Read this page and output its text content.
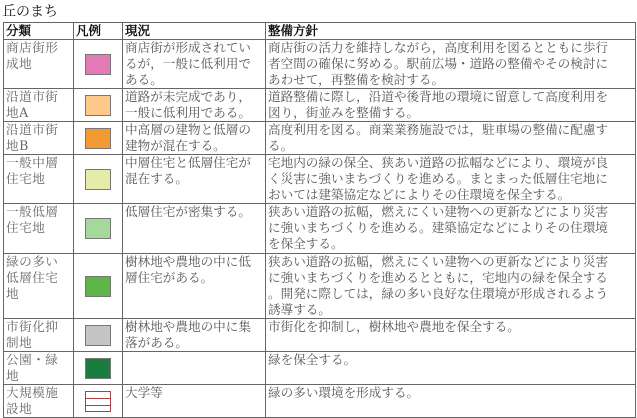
丘のまち
分類	凡例	現況	整備方針
商店街形
成地		商店街が形成されてい
るが，一般に低利用で
ある。	商店街の活力を維持しながら，高度利用を図るとともに歩行
者空間の確保に努める。駅前広場・道路の整備やその検討に
あわせて，再整備を検討する。
沿道市街
地A		道路が未完成であり，
一般に低利用である。	道路整備に際し，沿道や後背地の環境に留意して高度利用を
図り，街並みを整備する。
沿道市街
地B		中高層の建物と低層の
建物が混在する。	高度利用を図る。商業業務施設では，駐車場の整備に配慮す
る。
一般中層
住宅地		中層住宅と低層住宅が
混在する。	宅地内の緑の保全、狭あい道路の拡幅などにより、環境が良
く災害に強いまちづくりを進める。まとまった低層住宅地に
おいては建築協定などによりその住環境を保全する。
一般低層
住宅地		低層住宅が密集する。	狭あい道路の拡幅，燃えにくい建物への更新などにより災害
に強いまちづくりを進める。建築協定などによりその住環境
を保全する。
緑の多い
低層住宅
地		樹林地や農地の中に低
層住宅がある。	狭あい道路の拡幅，燃えにくい建物への更新などにより災害
に強いまちづくりを進めるとともに，宅地内の緑を保全する
。開発に際しては，緑の多い良好な住環境が形成されるよう
誘導する。
市街化抑
制地		樹林地や農地の中に集
落がある。	市街化を抑制し，樹林地や農地を保全する。
公園・緑
地			緑を保全する。
大規模施
設地		大学等	緑の多い環境を形成する。
